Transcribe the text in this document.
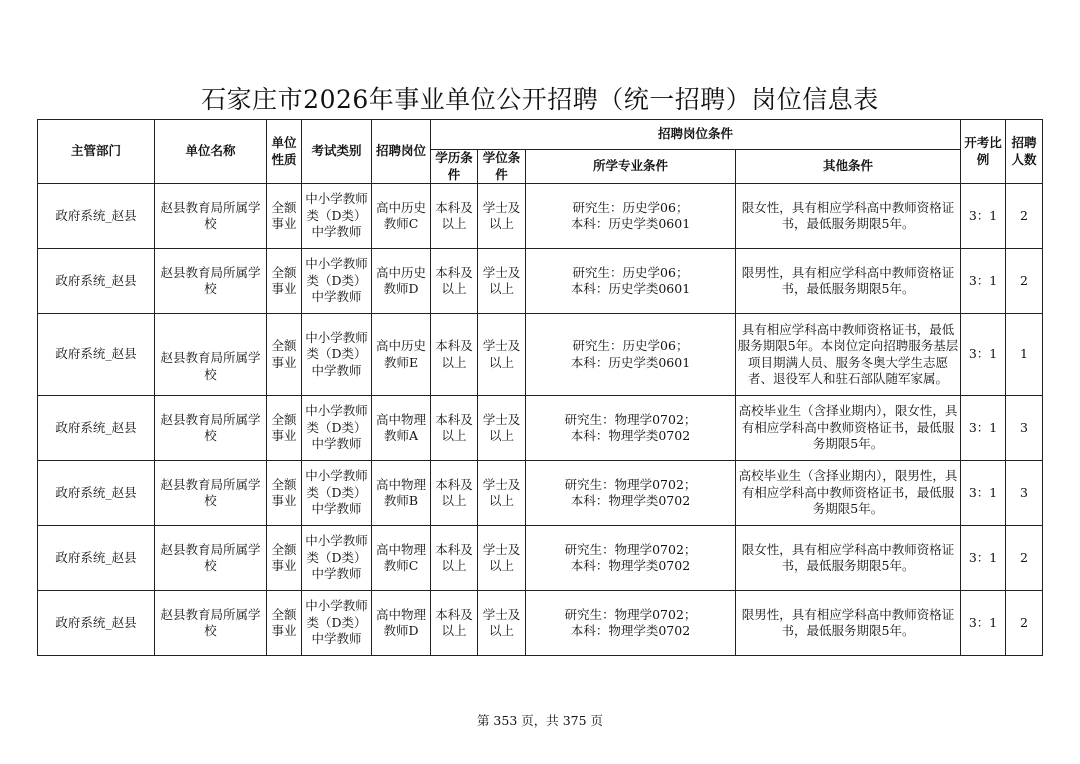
石家庄市2026年事业单位公开招聘（统一招聘）岗位信息表
主管部门	单位名称	单位性质	考试类别	招聘岗位	招聘岗位条件				开考比例	招聘人数
					学历条件	学位条件	所学专业条件	其他条件		
政府系统_赵县	赵县教育局所属学校	全额事业	中小学教师类（D类）中学教师	高中历史教师C	本科及以上	学士及以上	研究生：历史学06；
本科：历史学类0601	限女性，具有相应学科高中教师资格证书，最低服务期限5年。	3：1	2
政府系统_赵县	赵县教育局所属学校	全额事业	中小学教师类（D类）中学教师	高中历史教师D	本科及以上	学士及以上	研究生：历史学06；
本科：历史学类0601	限男性，具有相应学科高中教师资格证书，最低服务期限5年。	3：1	2
政府系统_赵县	赵县教育局所属学校	全额事业	中小学教师类（D类）中学教师	高中历史教师E	本科及以上	学士及以上	研究生：历史学06；
本科：历史学类0601	具有相应学科高中教师资格证书，最低服务期限5年。本岗位定向招聘服务基层项目期满人员、服务冬奥大学生志愿者、退役军人和驻石部队随军家属。	3：1	1
政府系统_赵县	赵县教育局所属学校	全额事业	中小学教师类（D类）中学教师	高中物理教师A	本科及以上	学士及以上	研究生：物理学0702；
本科：物理学类0702	高校毕业生（含择业期内），限女性，具有相应学科高中教师资格证书，最低服务期限5年。	3：1	3
政府系统_赵县	赵县教育局所属学校	全额事业	中小学教师类（D类）中学教师	高中物理教师B	本科及以上	学士及以上	研究生：物理学0702；
本科：物理学类0702	高校毕业生（含择业期内），限男性，具有相应学科高中教师资格证书，最低服务期限5年。	3：1	3
政府系统_赵县	赵县教育局所属学校	全额事业	中小学教师类（D类）中学教师	高中物理教师C	本科及以上	学士及以上	研究生：物理学0702；
本科：物理学类0702	限女性，具有相应学科高中教师资格证书，最低服务期限5年。	3：1	2
政府系统_赵县	赵县教育局所属学校	全额事业	中小学教师类（D类）中学教师	高中物理教师D	本科及以上	学士及以上	研究生：物理学0702；
本科：物理学类0702	限男性，具有相应学科高中教师资格证书，最低服务期限5年。	3：1	2
第 353 页，共 375 页
